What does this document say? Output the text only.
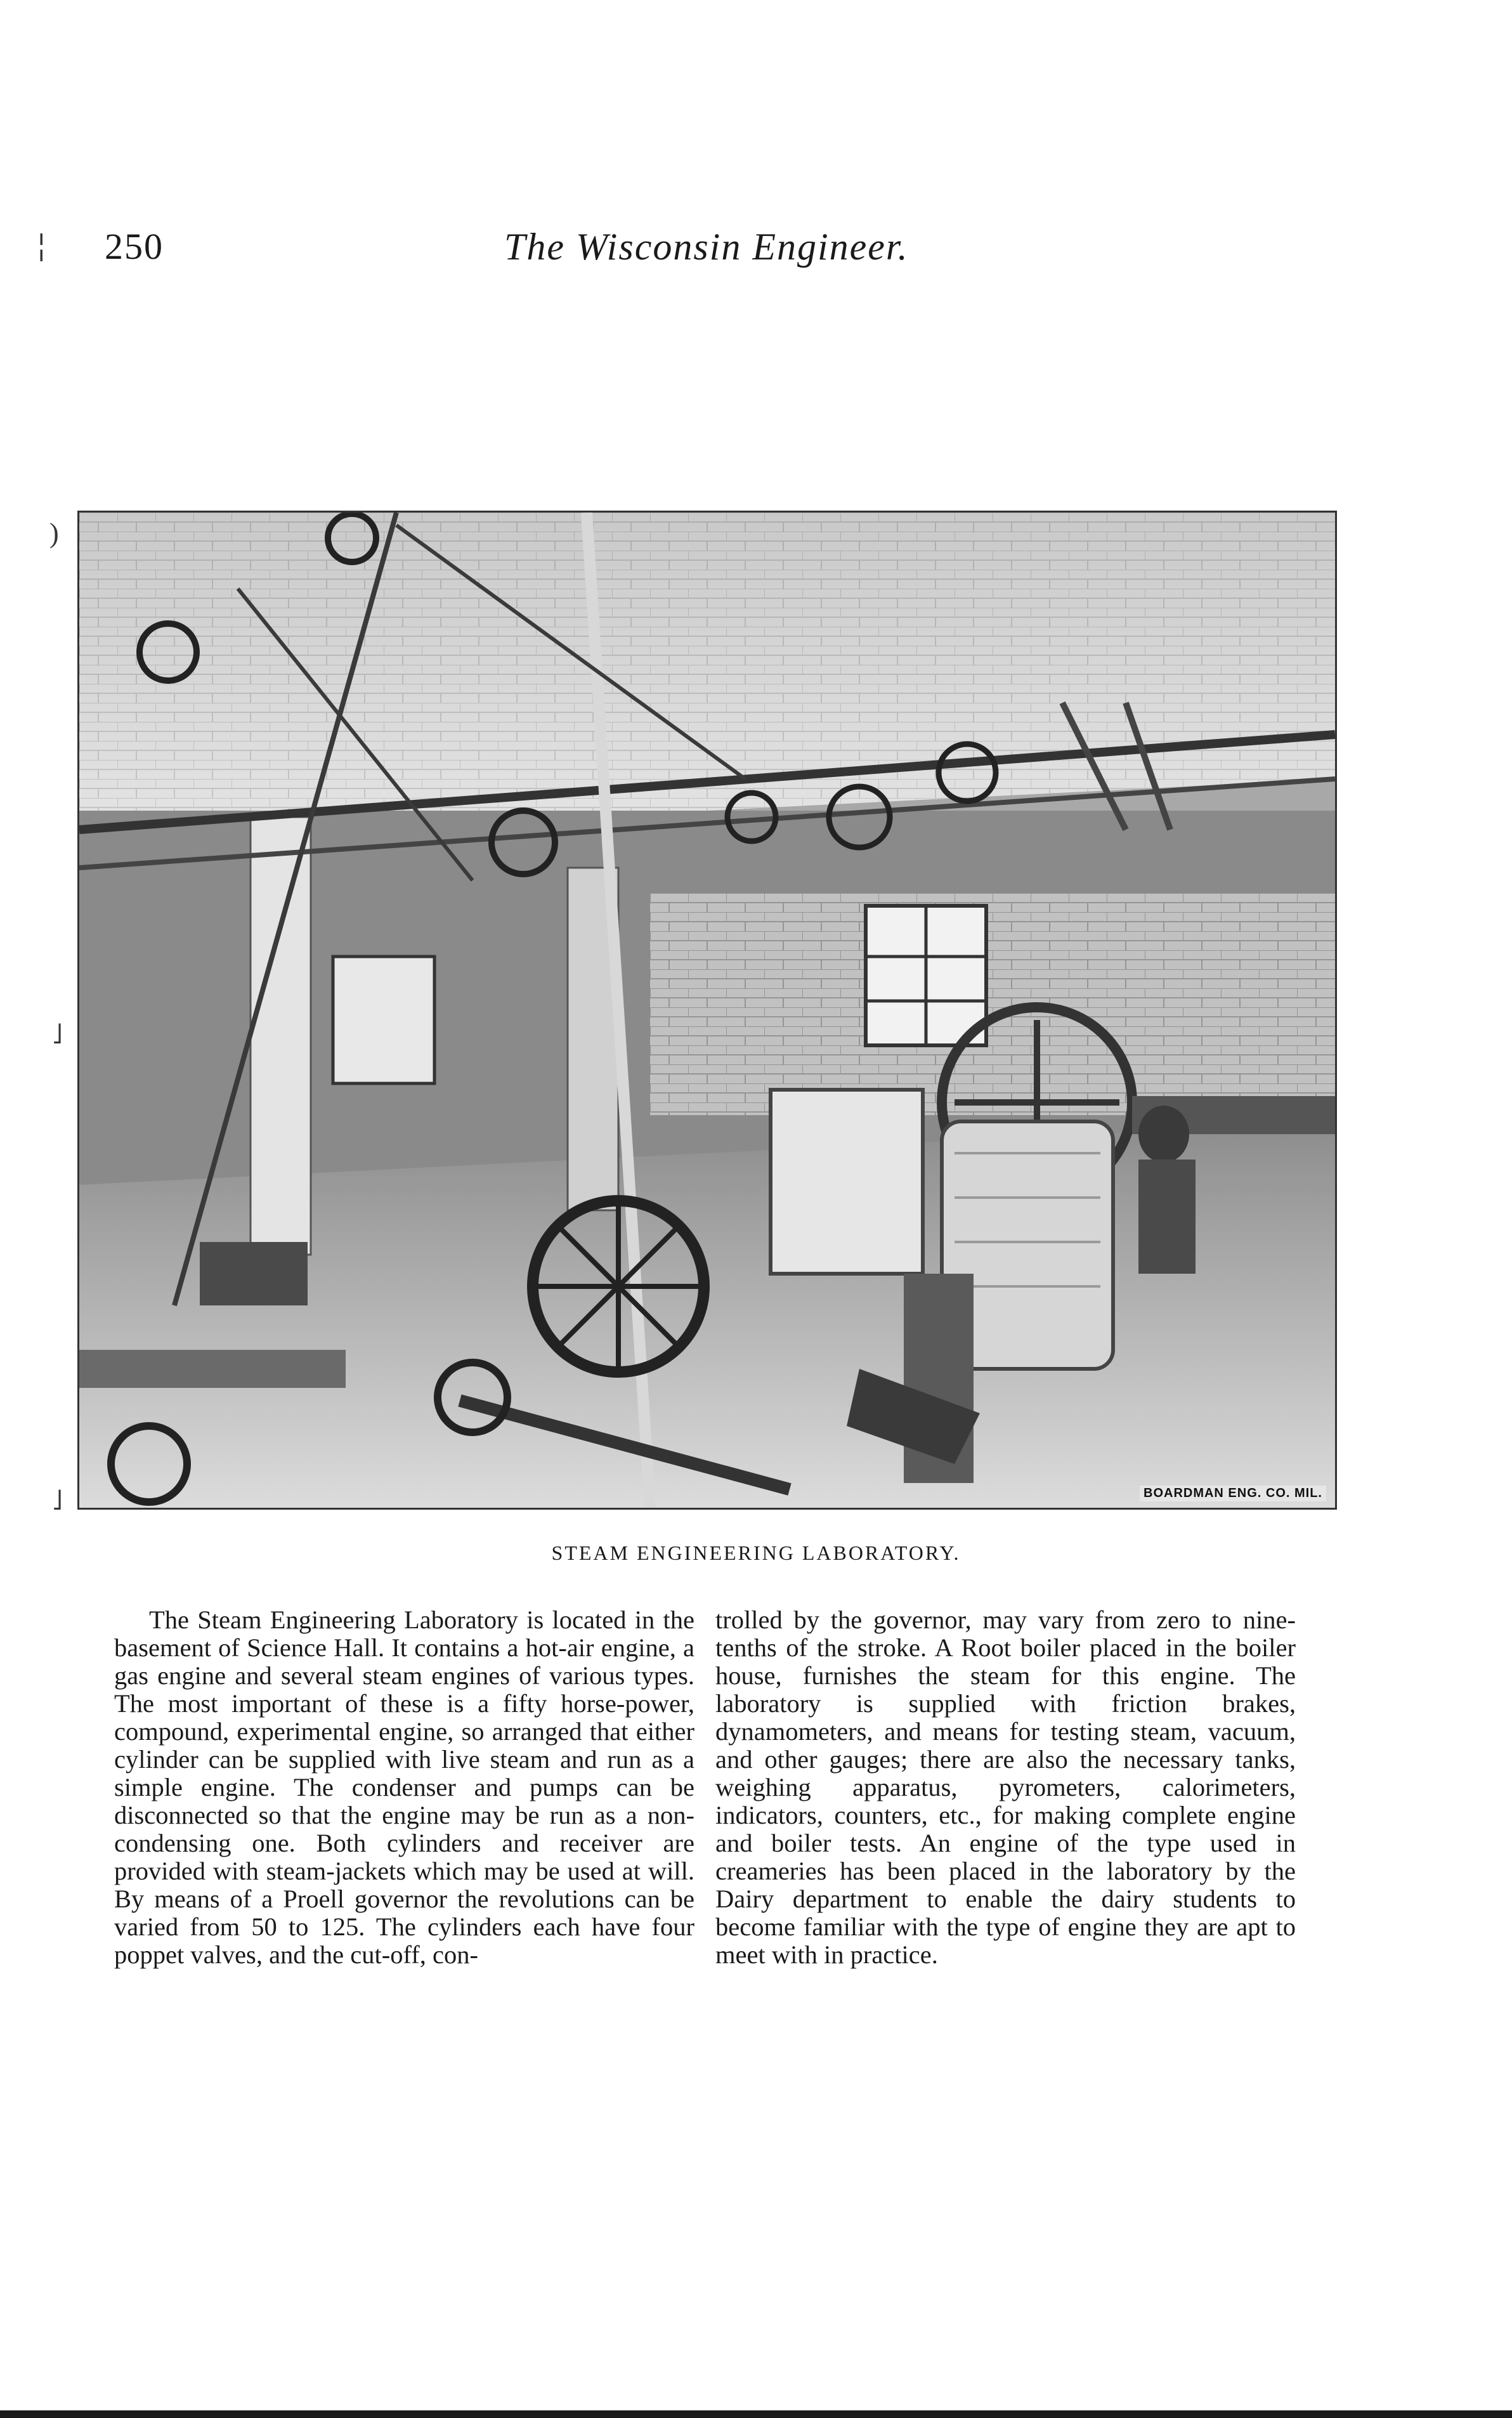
250	The Wisconsin Engineer.
╎
)
˩
˩	BOARDMAN ENG. CO. MIL.
STEAM ENGINEERING LABORATORY.

The Steam Engineering Laboratory is located in the basement of Science Hall. It contains a hot-air engine, a gas engine and several steam engines of various types. The most important of these is a fifty horse-power, compound, experimental engine, so arranged that either cylinder can be supplied with live steam and run as a simple engine. The condenser and pumps can be disconnected so that the engine may be run as a non-condensing one. Both cylinders and receiver are provided with steam-jackets which may be used at will. By means of a Proell governor the revolutions can be varied from 50 to 125. The cylinders each have four poppet valves, and the cut-off, con-

trolled by the governor, may vary from zero to nine-tenths of the stroke. A Root boiler placed in the boiler house, furnishes the steam for this engine. The laboratory is supplied with friction brakes, dynamometers, and means for testing steam, vacuum, and other gauges; there are also the necessary tanks, weighing apparatus, pyrometers, calorimeters, indicators, counters, etc., for making complete engine and boiler tests. An engine of the type used in creameries has been placed in the laboratory by the Dairy department to enable the dairy students to become familiar with the type of engine they are apt to meet with in practice.
